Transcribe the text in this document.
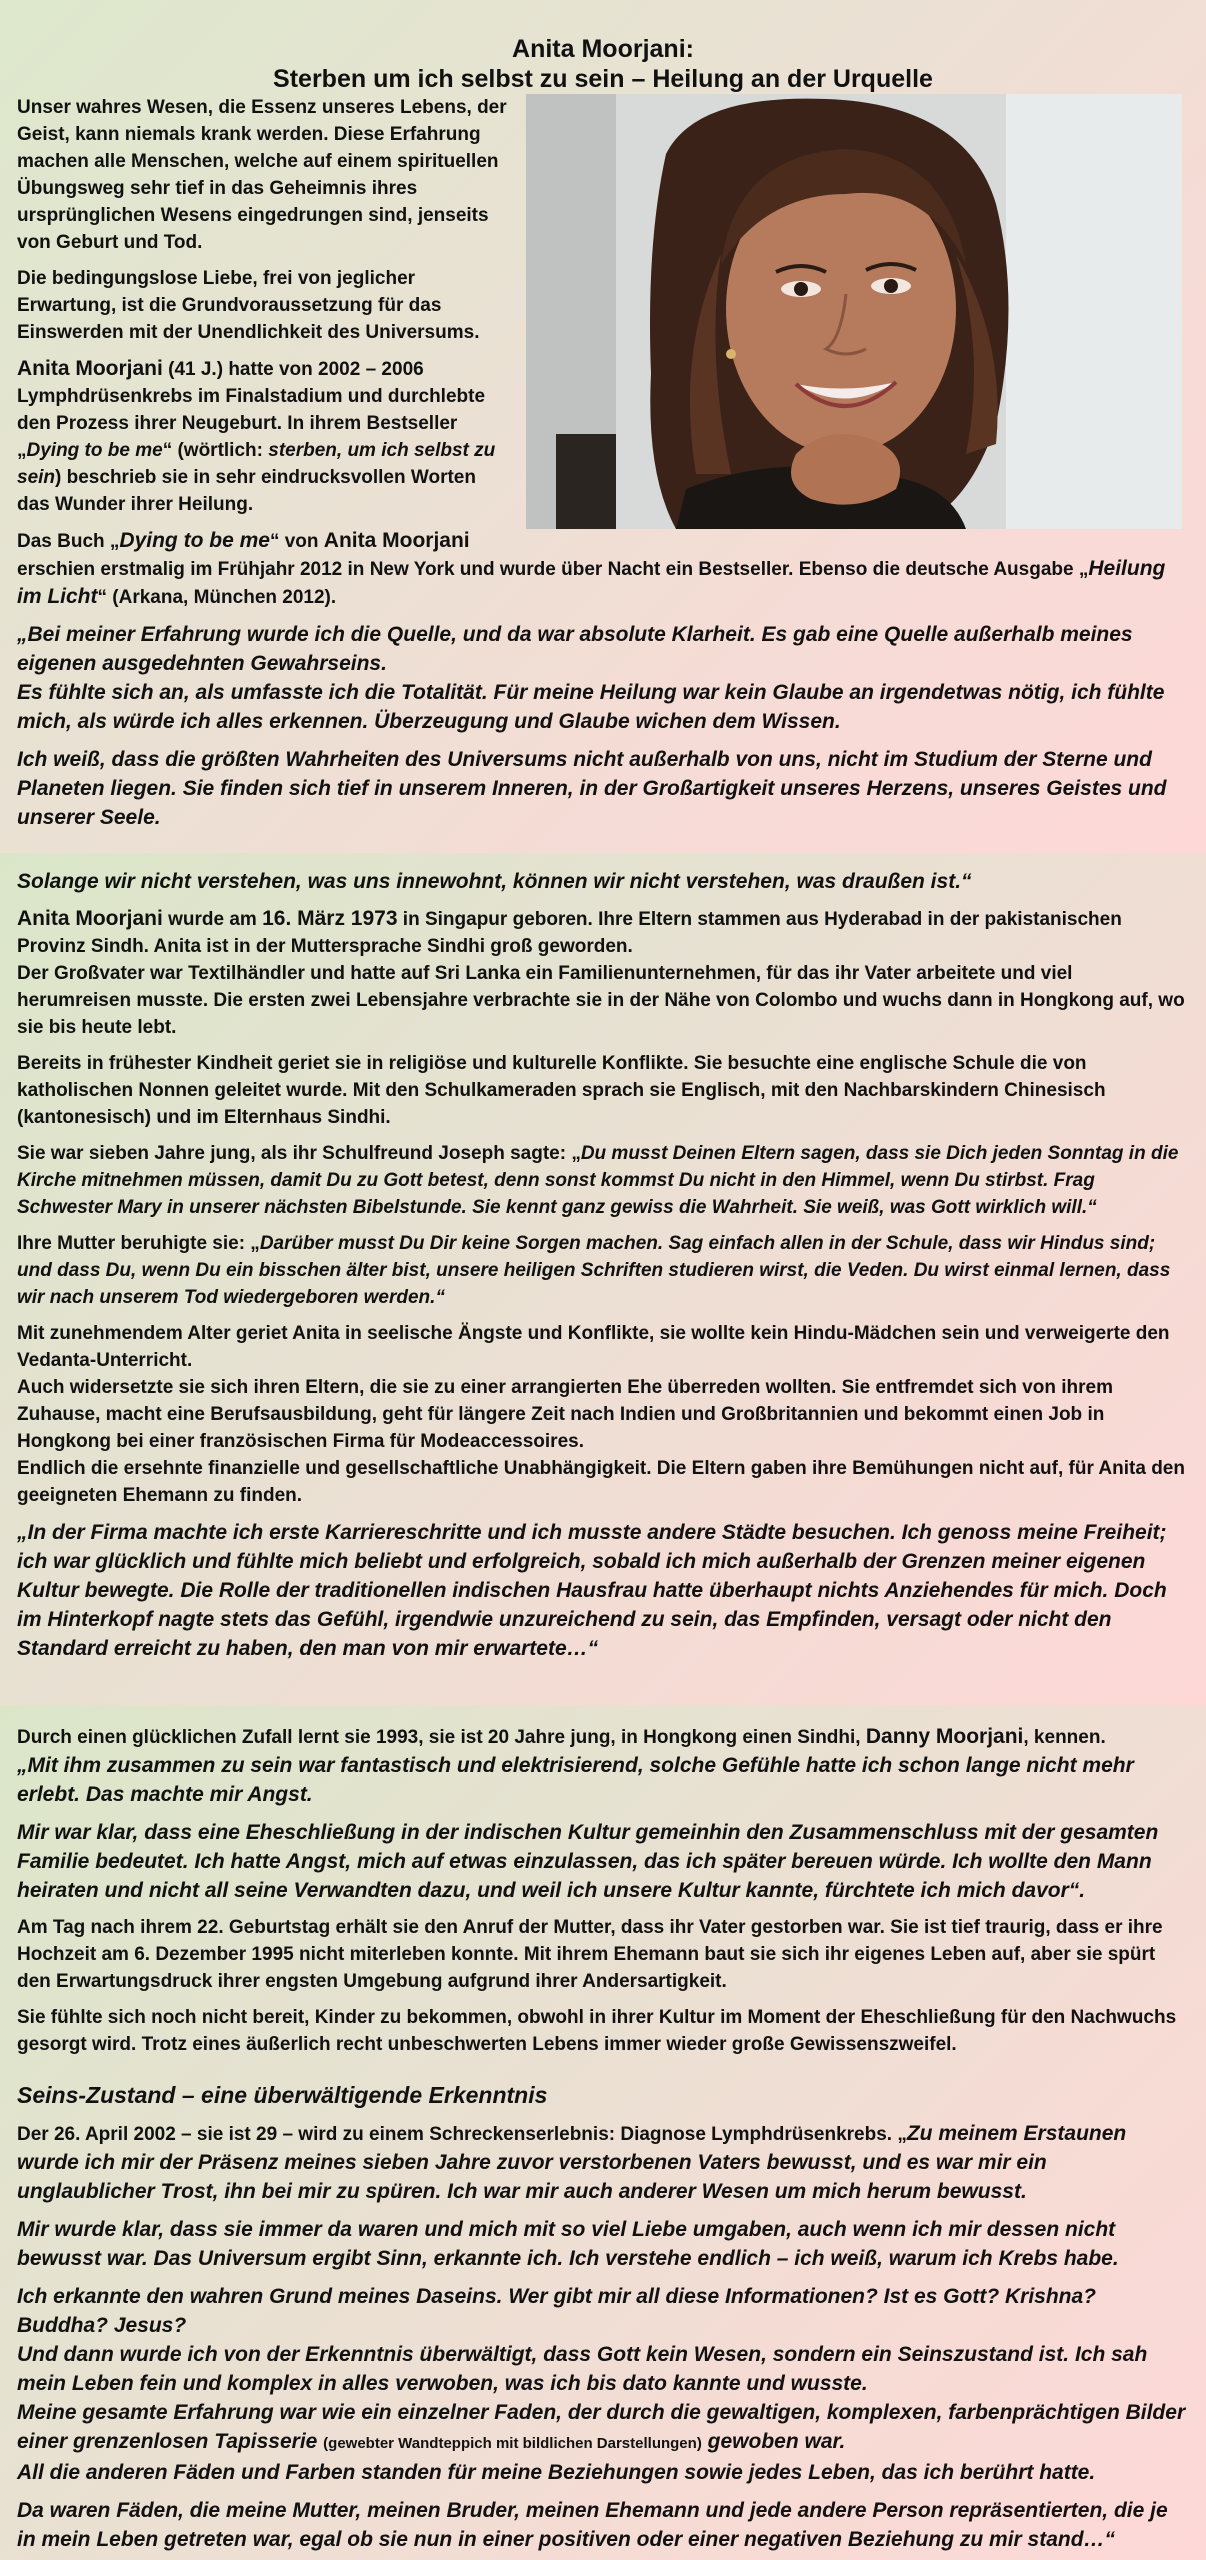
Anita Moorjani:
Sterben um ich selbst zu sein – Heilung an der Urquelle

Unser wahres Wesen, die Essenz unseres Lebens, der Geist, kann niemals krank werden. Diese Erfahrung machen alle Menschen, welche auf einem spirituellen Übungsweg sehr tief in das Geheimnis ihres ursprünglichen Wesens eingedrungen sind, jenseits von Geburt und Tod.

Die bedingungslose Liebe, frei von jeglicher Erwartung, ist die Grundvoraussetzung für das Einswerden mit der Unendlichkeit des Universums.

Anita Moorjani (41 J.) hatte von 2002 – 2006 Lymphdrüsenkrebs im Finalstadium und durchlebte den Prozess ihrer Neugeburt. In ihrem Bestseller „Dying to be me“ (wörtlich: sterben, um ich selbst zu sein) beschrieb sie in sehr eindrucksvollen Worten das Wunder ihrer Heilung.

Das Buch „Dying to be me“ von Anita Moorjani erschien erstmalig im Frühjahr 2012 in New York und wurde über Nacht ein Bestseller. Ebenso die deutsche Ausgabe „Heilung im Licht“ (Arkana, München 2012).

„Bei meiner Erfahrung wurde ich die Quelle, und da war absolute Klarheit. Es gab eine Quelle außerhalb meines eigenen ausgedehnten Gewahrseins.
Es fühlte sich an, als umfasste ich die Totalität. Für meine Heilung war kein Glaube an irgendetwas nötig, ich fühlte mich, als würde ich alles erkennen. Überzeugung und Glaube wichen dem Wissen.

Ich weiß, dass die größten Wahrheiten des Universums nicht außerhalb von uns, nicht im Studium der Sterne und Planeten liegen. Sie finden sich tief in unserem Inneren, in der Großartigkeit unseres Herzens, unseres Geistes und unserer Seele.

Solange wir nicht verstehen, was uns innewohnt, können wir nicht verstehen, was draußen ist.“

Anita Moorjani wurde am 16. März 1973 in Singapur geboren. Ihre Eltern stammen aus Hyderabad in der pakistanischen Provinz Sindh. Anita ist in der Muttersprache Sindhi groß geworden.
Der Großvater war Textilhändler und hatte auf Sri Lanka ein Familienunternehmen, für das ihr Vater arbeitete und viel herumreisen musste. Die ersten zwei Lebensjahre verbrachte sie in der Nähe von Colombo und wuchs dann in Hongkong auf, wo sie bis heute lebt.

Bereits in frühester Kindheit geriet sie in religiöse und kulturelle Konflikte. Sie besuchte eine englische Schule die von katholischen Nonnen geleitet wurde. Mit den Schulkameraden sprach sie Englisch, mit den Nachbarskindern Chinesisch (kantonesisch) und im Elternhaus Sindhi.

Sie war sieben Jahre jung, als ihr Schulfreund Joseph sagte: „Du musst Deinen Eltern sagen, dass sie Dich jeden Sonntag in die Kirche mitnehmen müssen, damit Du zu Gott betest, denn sonst kommst Du nicht in den Himmel, wenn Du stirbst. Frag Schwester Mary in unserer nächsten Bibelstunde. Sie kennt ganz gewiss die Wahrheit. Sie weiß, was Gott wirklich will.“

Ihre Mutter beruhigte sie: „Darüber musst Du Dir keine Sorgen machen. Sag einfach allen in der Schule, dass wir Hindus sind; und dass Du, wenn Du ein bisschen älter bist, unsere heiligen Schriften studieren wirst, die Veden. Du wirst einmal lernen, dass wir nach unserem Tod wiedergeboren werden.“

Mit zunehmendem Alter geriet Anita in seelische Ängste und Konflikte, sie wollte kein Hindu-Mädchen sein und verweigerte den Vedanta-Unterricht.
Auch widersetzte sie sich ihren Eltern, die sie zu einer arrangierten Ehe überreden wollten. Sie entfremdet sich von ihrem Zuhause, macht eine Berufsausbildung, geht für längere Zeit nach Indien und Großbritannien und bekommt einen Job in Hongkong bei einer französischen Firma für Modeaccessoires.
Endlich die ersehnte finanzielle und gesellschaftliche Unabhängigkeit. Die Eltern gaben ihre Bemühungen nicht auf, für Anita den geeigneten Ehemann zu finden.

„In der Firma machte ich erste Karriereschritte und ich musste andere Städte besuchen. Ich genoss meine Freiheit; ich war glücklich und fühlte mich beliebt und erfolgreich, sobald ich mich außerhalb der Grenzen meiner eigenen Kultur bewegte. Die Rolle der traditionellen indischen Hausfrau hatte überhaupt nichts Anziehendes für mich. Doch im Hinterkopf nagte stets das Gefühl, irgendwie unzureichend zu sein, das Empfinden, versagt oder nicht den Standard erreicht zu haben, den man von mir erwartete…“

Durch einen glücklichen Zufall lernt sie 1993, sie ist 20 Jahre jung, in Hongkong einen Sindhi, Danny Moorjani, kennen.
„Mit ihm zusammen zu sein war fantastisch und elektrisierend, solche Gefühle hatte ich schon lange nicht mehr erlebt. Das machte mir Angst.

Mir war klar, dass eine Eheschließung in der indischen Kultur gemeinhin den Zusammenschluss mit der gesamten Familie bedeutet. Ich hatte Angst, mich auf etwas einzulassen, das ich später bereuen würde. Ich wollte den Mann heiraten und nicht all seine Verwandten dazu, und weil ich unsere Kultur kannte, fürchtete ich mich davor“.

Am Tag nach ihrem 22. Geburtstag erhält sie den Anruf der Mutter, dass ihr Vater gestorben war. Sie ist tief traurig, dass er ihre Hochzeit am 6. Dezember 1995 nicht miterleben konnte. Mit ihrem Ehemann baut sie sich ihr eigenes Leben auf, aber sie spürt den Erwartungsdruck ihrer engsten Umgebung aufgrund ihrer Andersartigkeit.

Sie fühlte sich noch nicht bereit, Kinder zu bekommen, obwohl in ihrer Kultur im Moment der Eheschließung für den Nachwuchs gesorgt wird. Trotz eines äußerlich recht unbeschwerten Lebens immer wieder große Gewissenszweifel.

Seins-Zustand – eine überwältigende Erkenntnis

Der 26. April 2002 – sie ist 29 – wird zu einem Schreckenserlebnis: Diagnose Lymphdrüsenkrebs. „Zu meinem Erstaunen wurde ich mir der Präsenz meines sieben Jahre zuvor verstorbenen Vaters bewusst, und es war mir ein unglaublicher Trost, ihn bei mir zu spüren. Ich war mir auch anderer Wesen um mich herum bewusst.

Mir wurde klar, dass sie immer da waren und mich mit so viel Liebe umgaben, auch wenn ich mir dessen nicht bewusst war. Das Universum ergibt Sinn, erkannte ich. Ich verstehe endlich – ich weiß, warum ich Krebs habe.

Ich erkannte den wahren Grund meines Daseins. Wer gibt mir all diese Informationen? Ist es Gott? Krishna? Buddha? Jesus?
Und dann wurde ich von der Erkenntnis überwältigt, dass Gott kein Wesen, sondern ein Seinszustand ist. Ich sah mein Leben fein und komplex in alles verwoben, was ich bis dato kannte und wusste.
Meine gesamte Erfahrung war wie ein einzelner Faden, der durch die gewaltigen, komplexen, farbenprächtigen Bilder einer grenzenlosen Tapisserie (gewebter Wandteppich mit bildlichen Darstellungen) gewoben war.
All die anderen Fäden und Farben standen für meine Beziehungen sowie jedes Leben, das ich berührt hatte.

Da waren Fäden, die meine Mutter, meinen Bruder, meinen Ehemann und jede andere Person repräsentierten, die je in mein Leben getreten war, egal ob sie nun in einer positiven oder einer negativen Beziehung zu mir stand…“
